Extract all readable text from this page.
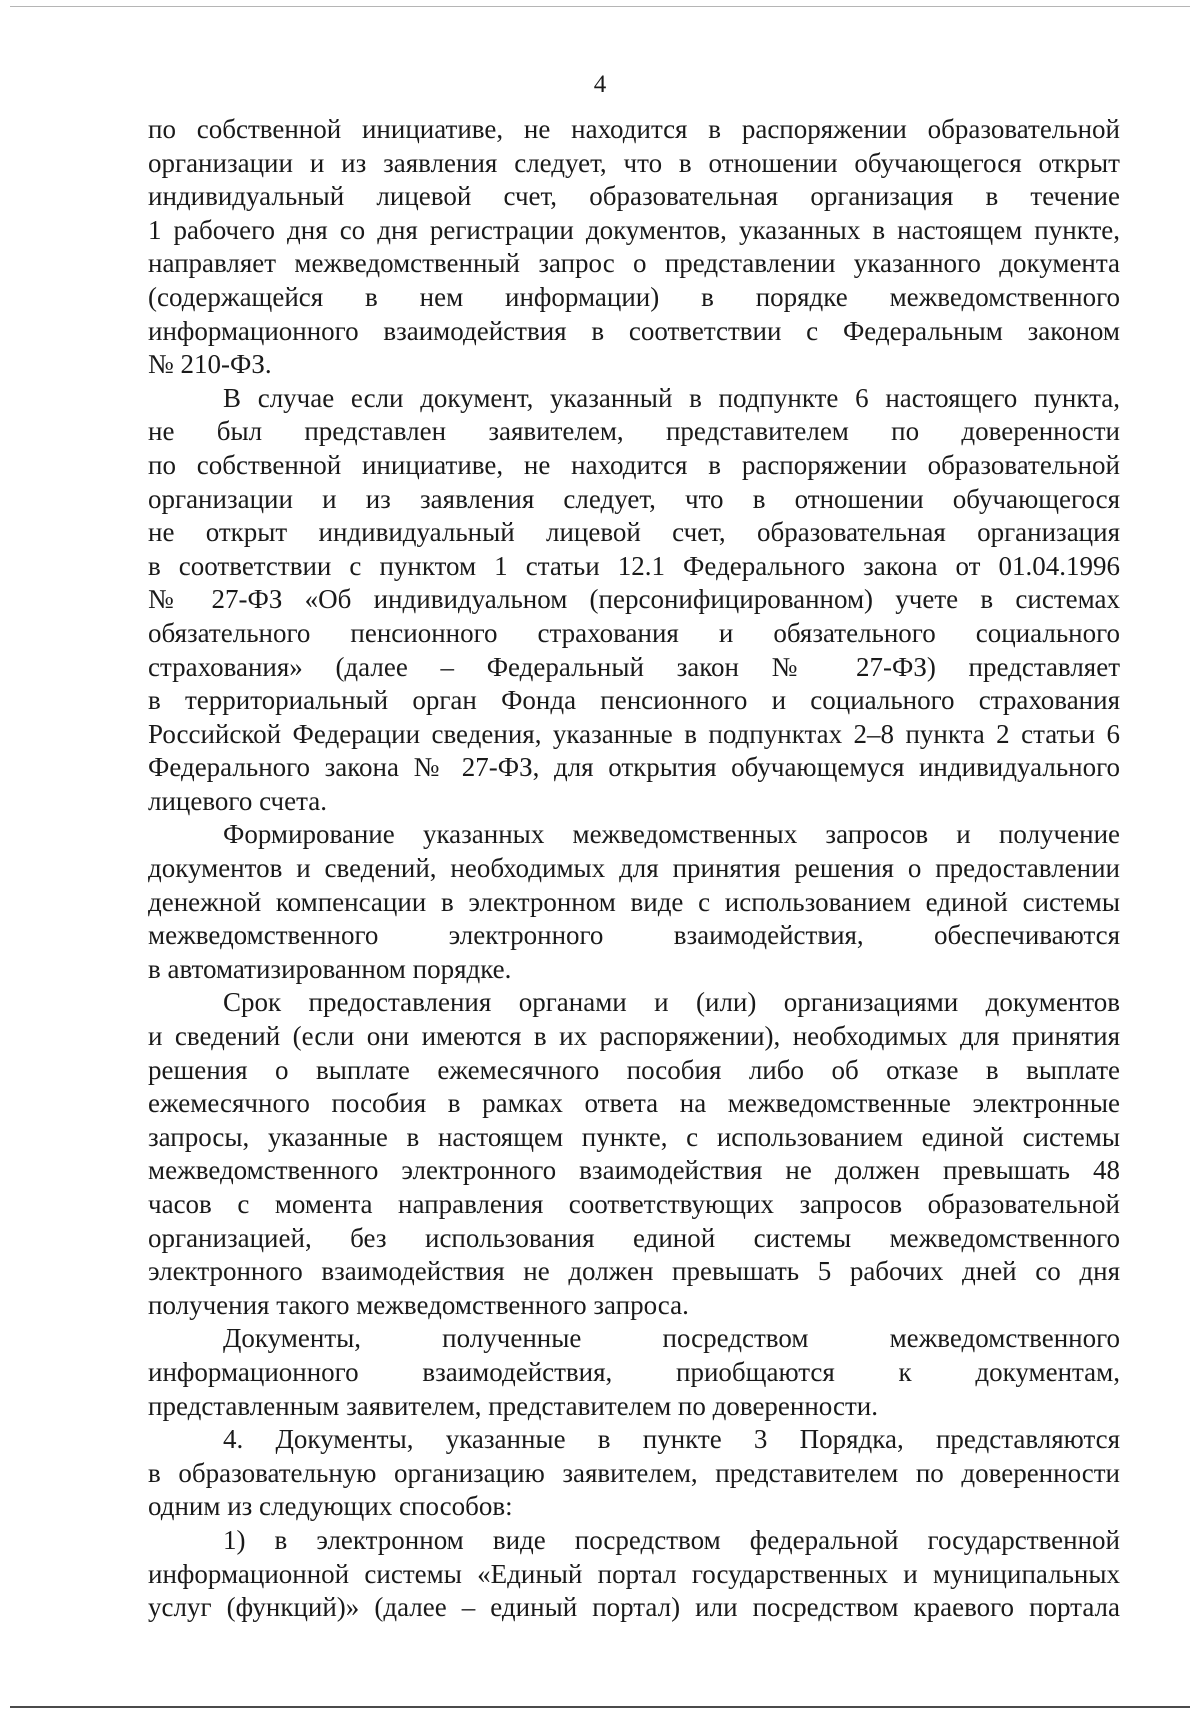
4

по собственной инициативе, не находится в распоряжении образовательной

организации и из заявления следует, что в отношении обучающегося открыт

индивидуальный лицевой счет, образовательная организация в течение

1 рабочего дня со дня регистрации документов, указанных в настоящем пункте,

направляет межведомственный запрос о представлении указанного документа

(содержащейся в нем информации) в порядке межведомственного

информационного взаимодействия в соответствии с Федеральным законом

№ 210-ФЗ.

В случае если документ, указанный в подпункте 6 настоящего пункта,

не был представлен заявителем, представителем по доверенности

по собственной инициативе, не находится в распоряжении образовательной

организации и из заявления следует, что в отношении обучающегося

не открыт индивидуальный лицевой счет, образовательная организация

в соответствии с пунктом 1 статьи 12.1 Федерального закона от 01.04.1996

№ 27-ФЗ «Об индивидуальном (персонифицированном) учете в системах

обязательного пенсионного страхования и обязательного социального

страхования» (далее – Федеральный закон № 27-ФЗ) представляет

в территориальный орган Фонда пенсионного и социального страхования

Российской Федерации сведения, указанные в подпунктах 2–8 пункта 2 статьи 6

Федерального закона № 27-ФЗ, для открытия обучающемуся индивидуального

лицевого счета.

Формирование указанных межведомственных запросов и получение

документов и сведений, необходимых для принятия решения о предоставлении

денежной компенсации в электронном виде с использованием единой системы

межведомственного электронного взаимодействия, обеспечиваются

в автоматизированном порядке.

Срок предоставления органами и (или) организациями документов

и сведений (если они имеются в их распоряжении), необходимых для принятия

решения о выплате ежемесячного пособия либо об отказе в выплате

ежемесячного пособия в рамках ответа на межведомственные электронные

запросы, указанные в настоящем пункте, с использованием единой системы

межведомственного электронного взаимодействия не должен превышать 48

часов с момента направления соответствующих запросов образовательной

организацией, без использования единой системы межведомственного

электронного взаимодействия не должен превышать 5 рабочих дней со дня

получения такого межведомственного запроса.

Документы, полученные посредством межведомственного

информационного взаимодействия, приобщаются к документам,

представленным заявителем, представителем по доверенности.

4. Документы, указанные в пункте 3 Порядка, представляются

в образовательную организацию заявителем, представителем по доверенности

одним из следующих способов:

1) в электронном виде посредством федеральной государственной

информационной системы «Единый портал государственных и муниципальных

услуг (функций)» (далее – единый портал) или посредством краевого портала
